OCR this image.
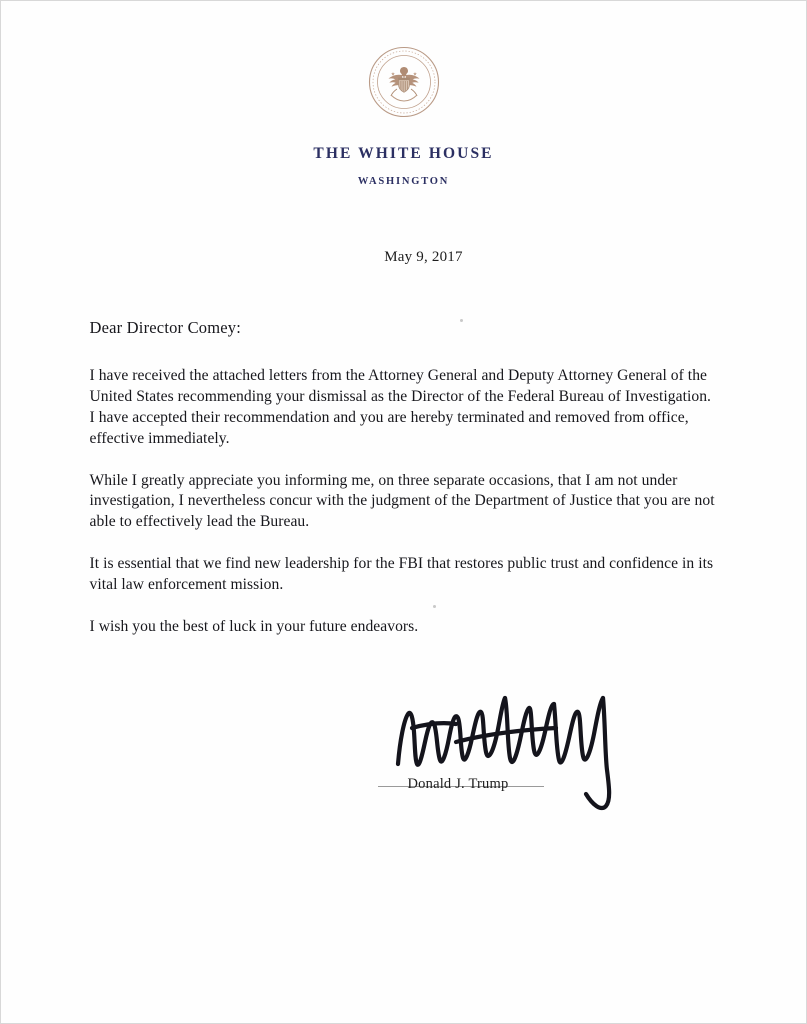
THE WHITE HOUSE
WASHINGTON
May 9, 2017

Dear Director Comey:

I have received the attached letters from the Attorney General and Deputy Attorney General of the United States recommending your dismissal as the Director of the Federal Bureau of Investigation. I have accepted their recommendation and you are hereby terminated and removed from office, effective immediately.

While I greatly appreciate you informing me, on three separate occasions, that I am not under investigation, I nevertheless concur with the judgment of the Department of Justice that you are not able to effectively lead the Bureau.

It is essential that we find new leadership for the FBI that restores public trust and confidence in its vital law enforcement mission.

I wish you the best of luck in your future endeavors.

Donald J. Trump
